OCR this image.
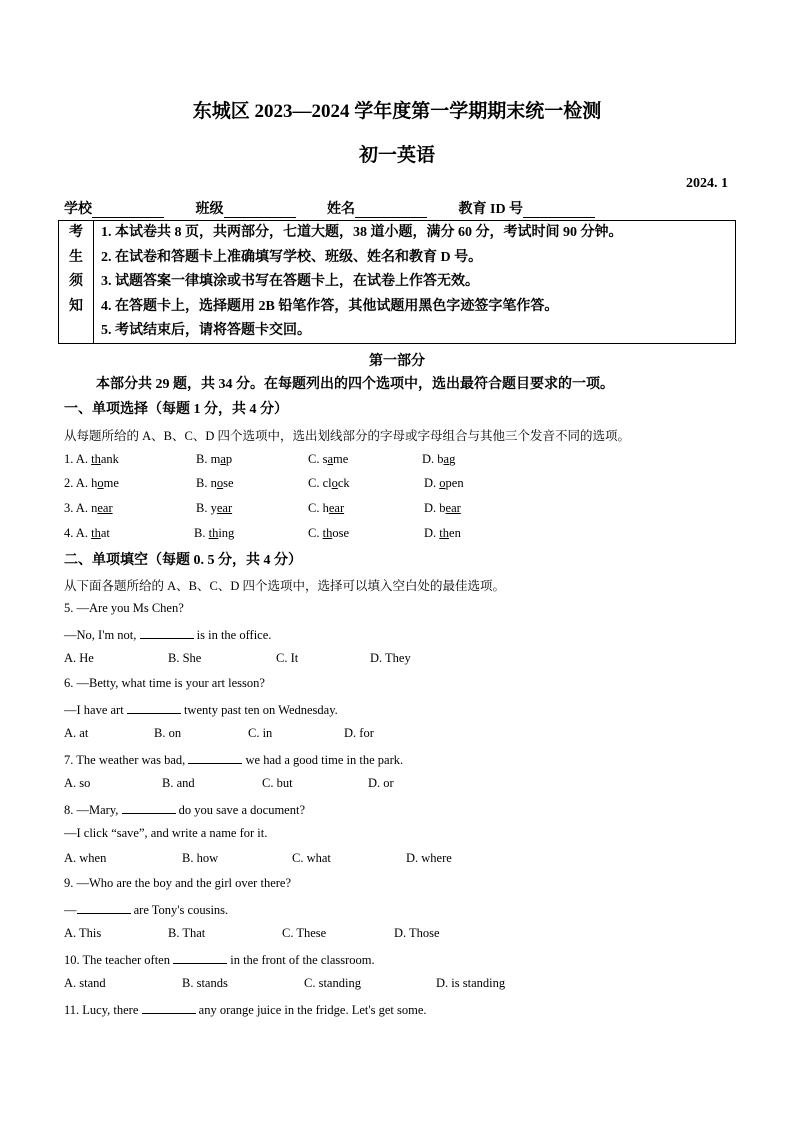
东城区 2023—2024 学年度第一学期期末统一检测
初一英语
2024. 1
学校	班级	姓名	教育 ID 号
考
生
须
知
1. 本试卷共 8 页，共两部分，七道大题，38 道小题，满分 60 分，考试时间 90 分钟。
2. 在试卷和答题卡上准确填写学校、班级、姓名和教育 D 号。
3. 试题答案一律填涂或书写在答题卡上，在试卷上作答无效。
4. 在答题卡上，选择题用 2B 铅笔作答，其他试题用黑色字迹签字笔作答。
5. 考试结束后，请将答题卡交回。
第一部分
本部分共 29 题，共 34 分。在每题列出的四个选项中，选出最符合题目要求的一项。
一、单项选择（每题 1 分，共 4 分）
从每题所给的 A、B、C、D 四个选项中，选出划线部分的字母或字母组合与其他三个发音不同的选项。
1. A. thank	B. map	C. same	D. bag
2. A. home	B. nose	C. clock	D. open
3. A. near	B. year	C. hear	D. bear
4. A. that	B. thing	C. those	D. then
二、单项填空（每题 0. 5 分，共 4 分）
从下面各题所给的 A、B、C、D 四个选项中，选择可以填入空白处的最佳选项。
5. —Are you Ms Chen?
—No, I'm not,	is in the office.
A. He	B. She	C. It	D. They
6. —Betty, what time is your art lesson?
—I have art	twenty past ten on Wednesday.
A. at	B. on	C. in	D. for
7. The weather was bad,	we had a good time in the park.
A. so	B. and	C. but	D. or
8. —Mary,	do you save a document?
—I click “save”, and write a name for it.
A. when	B. how	C. what	D. where
9. —Who are the boy and the girl over there?
—	are Tony's cousins.
A. This	B. That	C. These	D. Those
10. The teacher often	in the front of the classroom.
A. stand	B. stands	C. standing	D. is standing
11. Lucy, there	any orange juice in the fridge. Let's get some.
